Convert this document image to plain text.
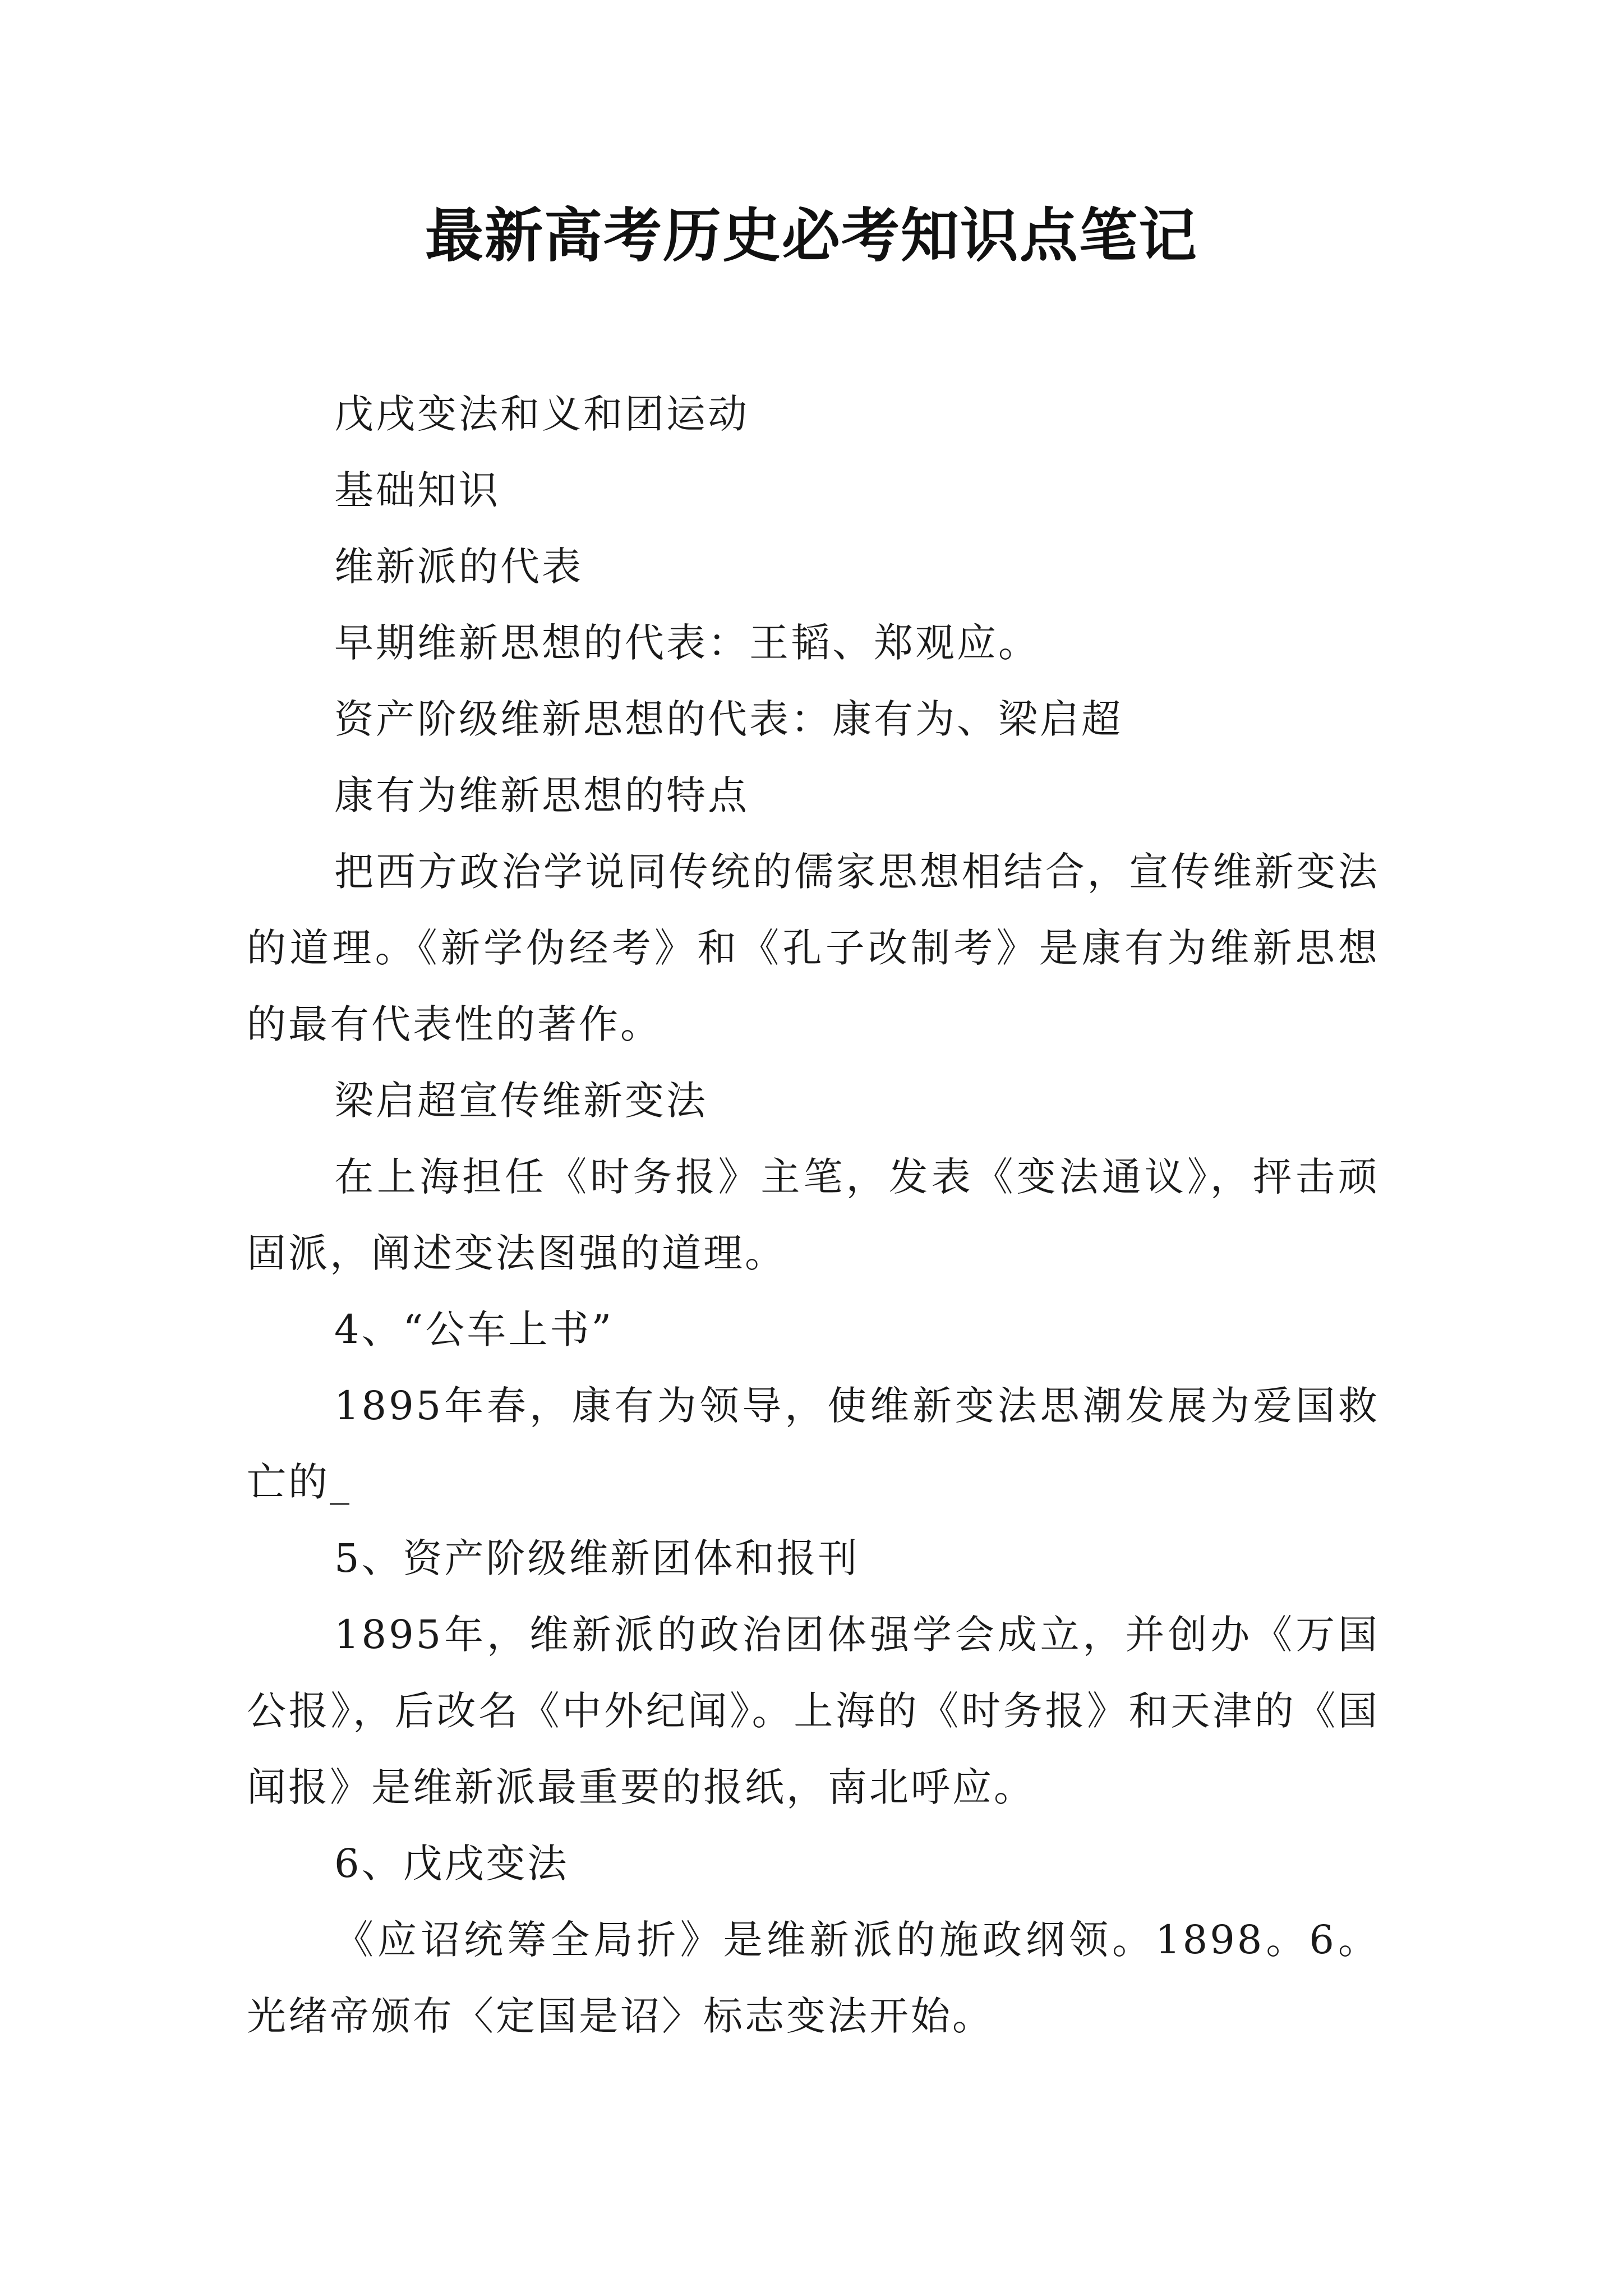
最新高考历史必考知识点笔记

戊戌变法和义和团运动

基础知识

维新派的代表

早期维新思想的代表：王韬、郑观应。

资产阶级维新思想的代表：康有为、梁启超

康有为维新思想的特点

把西方政治学说同传统的儒家思想相结合，宣传维新变法的道理。《新学伪经考》和《孔子改制考》是康有为维新思想的最有代表性的著作。

梁启超宣传维新变法

在上海担任《时务报》主笔，发表《变法通议》，抨击顽固派，阐述变法图强的道理。

4、“公车上书”

1895年春，康有为领导，使维新变法思潮发展为爱国救亡的_

5、资产阶级维新团体和报刊

1895年，维新派的政治团体强学会成立，并创办《万国公报》，后改名《中外纪闻》。上海的《时务报》和天津的《国闻报》是维新派最重要的报纸，南北呼应。

6、戊戌变法

《应诏统筹全局折》是维新派的施政纲领。1898。6。光绪帝颁布〈定国是诏〉标志变法开始。
